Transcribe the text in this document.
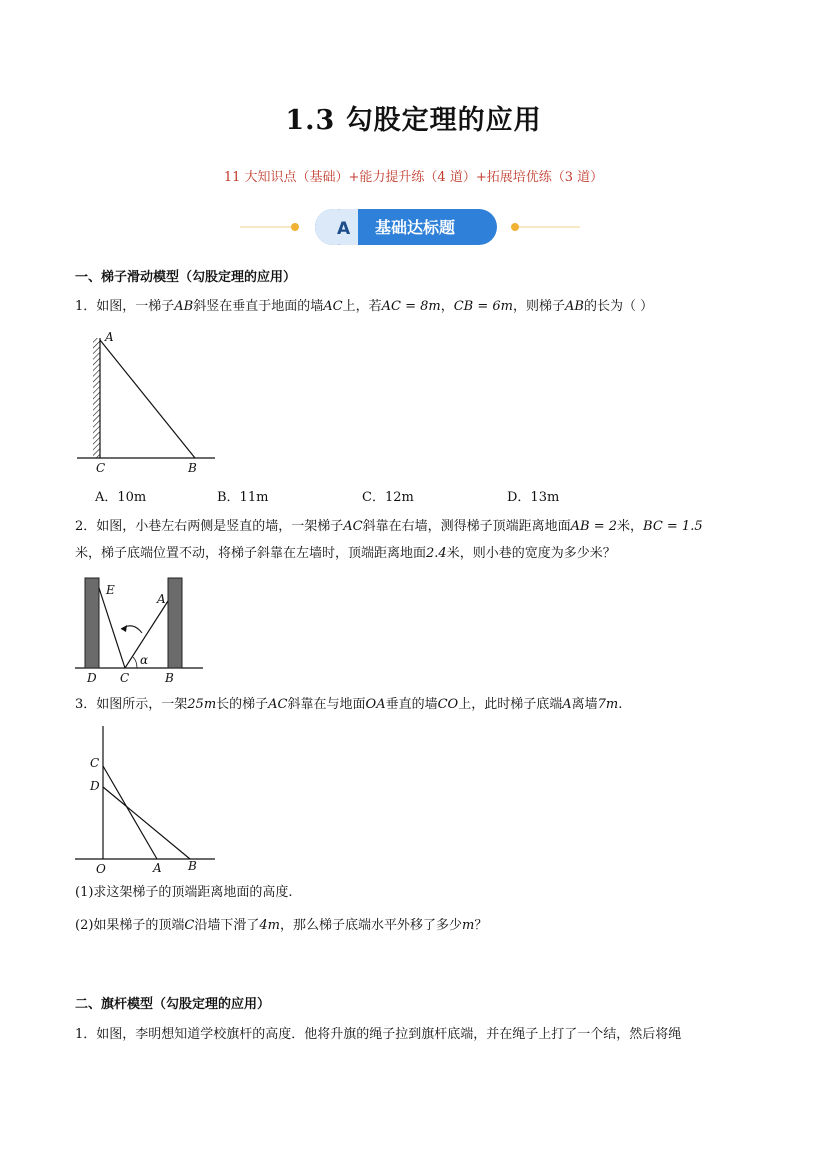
1.3 勾股定理的应用
11 大知识点（基础）+能力提升练（4 道）+拓展培优练（3 道）
A 基础达标题
一、梯子滑动模型（勾股定理的应用）
1．如图，一梯子AB斜竖在垂直于地面的墙AC上，若AC = 8m，CB = 6m，则梯子AB的长为（ ）
A
C	B
A．10m	B．11m	C．12m	D．13m
2．如图，小巷左右两侧是竖直的墙，一架梯子AC斜靠在右墙，测得梯子顶端距离地面AB = 2米，BC = 1.5
米，梯子底端位置不动，将梯子斜靠在左墙时，顶端距离地面2.4米，则小巷的宽度为多少米？
E
A
α
D C	B
3．如图所示，一架25m长的梯子AC斜靠在与地面OA垂直的墙CO上，此时梯子底端A离墙7m.
C
D
O	A B
(1)求这架梯子的顶端距离地面的高度.
(2)如果梯子的顶端C沿墙下滑了4m，那么梯子底端水平外移了多少m？
二、旗杆模型（勾股定理的应用）
1．如图，李明想知道学校旗杆的高度．他将升旗的绳子拉到旗杆底端，并在绳子上打了一个结，然后将绳
